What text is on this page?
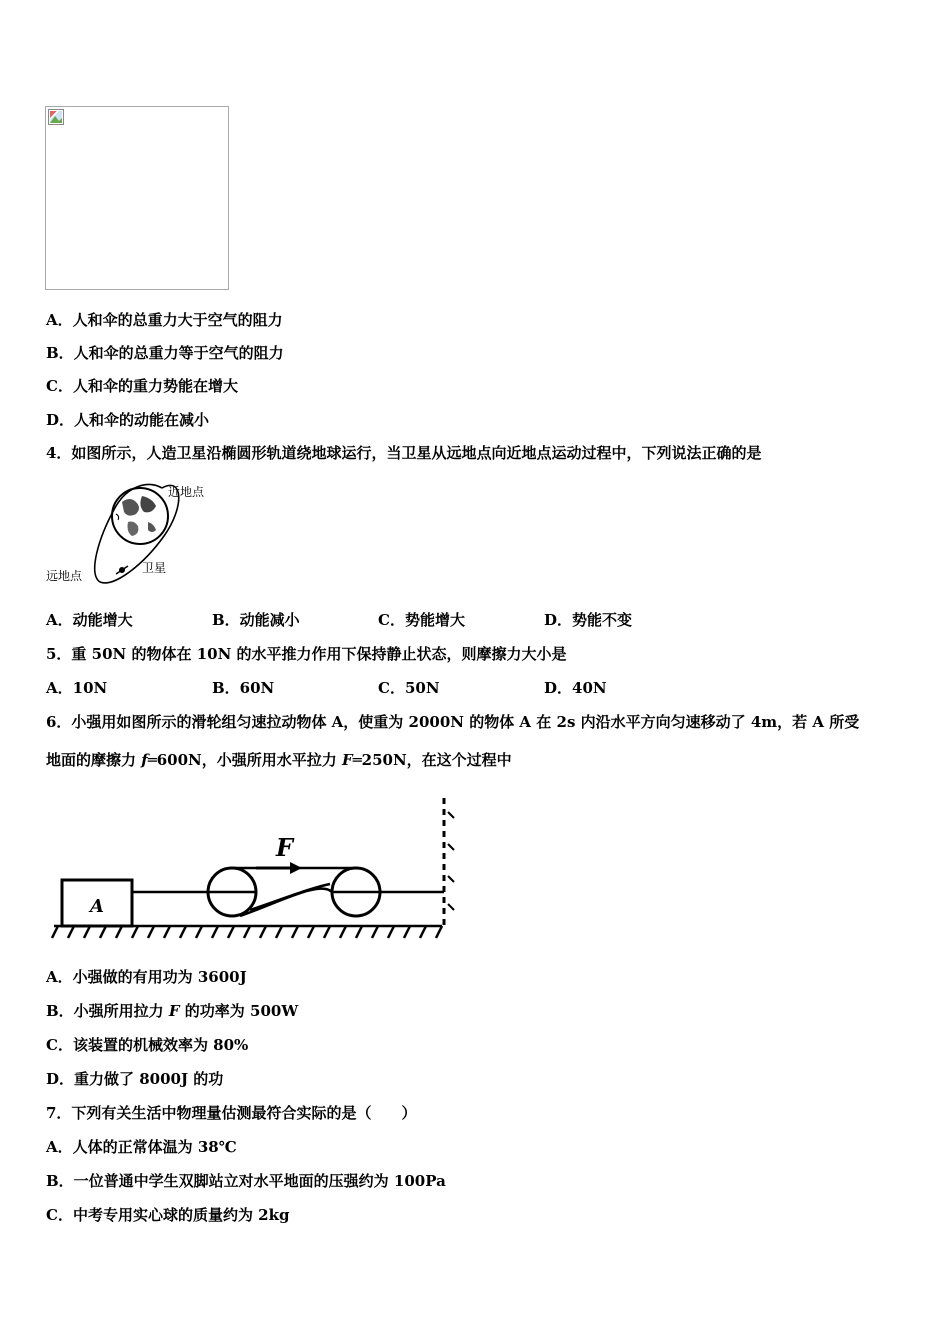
A．人和伞的总重力大于空气的阻力
B．人和伞的总重力等于空气的阻力
C．人和伞的重力势能在增大
D．人和伞的动能在减小
4．如图所示，人造卫星沿椭圆形轨道绕地球运行，当卫星从远地点向近地点运动过程中，下列说法正确的是
近地点
卫星
远地点
A．动能增大	B．动能减小	C．势能增大	D．势能不变
5．重 50N 的物体在 10N 的水平推力作用下保持静止状态，则摩擦力大小是
A．10N	B．60N	C．50N	D．40N
6．小强用如图所示的滑轮组匀速拉动物体 A，使重为 2000N 的物体 A 在 2s 内沿水平方向匀速移动了 4m，若 A 所受
地面的摩擦力 f═600N，小强所用水平拉力 F═250N，在这个过程中
A
F
A．小强做的有用功为 3600J
B．小强所用拉力 F 的功率为 500W
C．该装置的机械效率为 80%
D．重力做了 8000J 的功
7．下列有关生活中物理量估测最符合实际的是（　　）
A．人体的正常体温为 38℃
B．一位普通中学生双脚站立对水平地面的压强约为 100Pa
C．中考专用实心球的质量约为 2kg
